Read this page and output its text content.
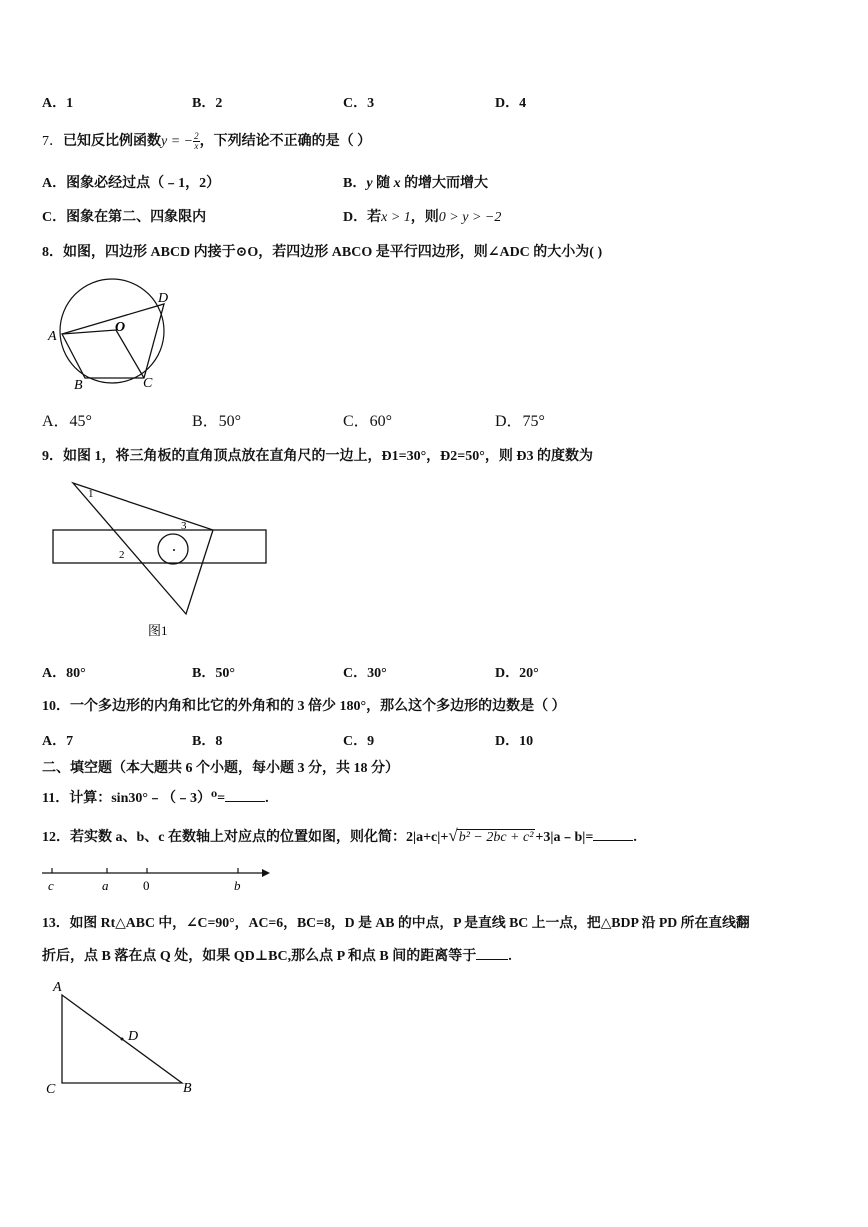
A．1	B．2	C．3	D．4
7．已知反比例函数y = − $\frac{2}{x}$ ，下列结论不正确的是（ ）
A．图象必经过点（﹣1，2）	B．y 随 x 的增大而增大
C．图象在第二、四象限内	D．若x > 1，则0 > y > −2
8．如图，四边形 ABCD 内接于⊙O，若四边形 ABCO 是平行四边形，则∠ADC 的大小为( )
A
B	C
D
O
A．45°	B．50°	C．60°	D．75°
9．如图 1，将三角板的直角顶点放在直角尺的一边上，Ð1=30°，Ð2=50°，则 Ð3 的度数为
1
2
3
图1
A．80°	B．50°	C．30°	D．20°
10．一个多边形的内角和比它的外角和的 3 倍少 180°，那么这个多边形的边数是（ ）
A．7	B．8	C．9	D．10
二、填空题（本大题共 6 个小题，每小题 3 分，共 18 分）
11．计算：sin30°﹣（﹣3）⁰=	.
12．若实数 a、b、c 在数轴上对应点的位置如图，则化简：2|a+c|+√b² − 2bc + c² +3|a﹣b|=	.
c	a	0	b
13．如图 Rt△ABC 中，∠C=90°，AC=6，BC=8，D 是 AB 的中点，P 是直线 BC 上一点，把△BDP 沿 PD 所在直线翻
折后，点 B 落在点 Q 处，如果 QD⊥BC,那么点 P 和点 B 间的距离等于 .
A
C	B
D
